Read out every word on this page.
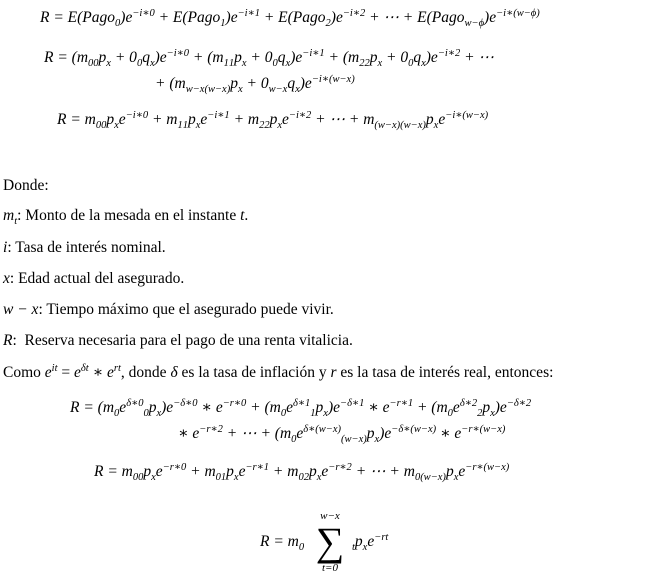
$R = E(Pago_0)e^{-i∗0}$ + $E(Pago_1)e^{-i∗1}$ + $E(Pago_2)e^{-i∗2}$ + ⋯ + $E(Pago_{w-\phi})e^{-i∗(w-\phi)}$
$R = (m_{00}p_x + 0_0q_x)e^{-i∗0} + (m_{11}p_x + 0_0q_x)e^{-i∗1} + (m_{22}p_x + 0_0q_x)e^{-i∗2}$ + ⋯
+ $(m_{w-x(w-x)}p_x + 0_{w-x}q_x)e^{-i∗(w-x)}$
$R = m_{00}p_xe^{-i∗0} + m_{11}p_xe^{-i∗1} + m_{22}p_xe^{-i∗2}$ + ⋯ + $m_{(w-x)(w-x)}p_xe^{-i∗(w-x)}$
Donde:
$m_t$: Monto de la mesada en el instante t.
i: Tasa de interés nominal.
x: Edad actual del asegurado.
w − x: Tiempo máximo que el asegurado puede vivir.
R:  Reserva necesaria para el pago de una renta vitalicia.
Como $e^{it} = e^{\delta t}$ ∗ $e^{rt}$, donde δ es la tasa de inflación y r es la tasa de interés real, entonces:
$R = (m_0e^{\delta∗0}_0p_x)e^{-\delta∗0}$ ∗ $e^{-r∗0} + (m_0e^{\delta∗1}_1p_x)e^{-\delta∗1}$ ∗ $e^{-r∗1} + (m_0e^{\delta∗2}_2p_x)e^{-\delta∗2}$
∗ $e^{-r∗2}$ + ⋯ + $(m_0e^{\delta∗(w-x)}_{(w-x)}p_x)e^{-\delta∗(w-x)}$ ∗ $e^{-r∗(w-x)}$
$R = m_{00}p_xe^{-r∗0} + m_{01}p_xe^{-r∗1} + m_{02}p_xe^{-r∗2}$ + ⋯ + $m_{0(w-x)}p_xe^{-r∗(w-x)}$
$R = m_0$
w−x
∑
t=0
$_tp_xe^{-rt}$
